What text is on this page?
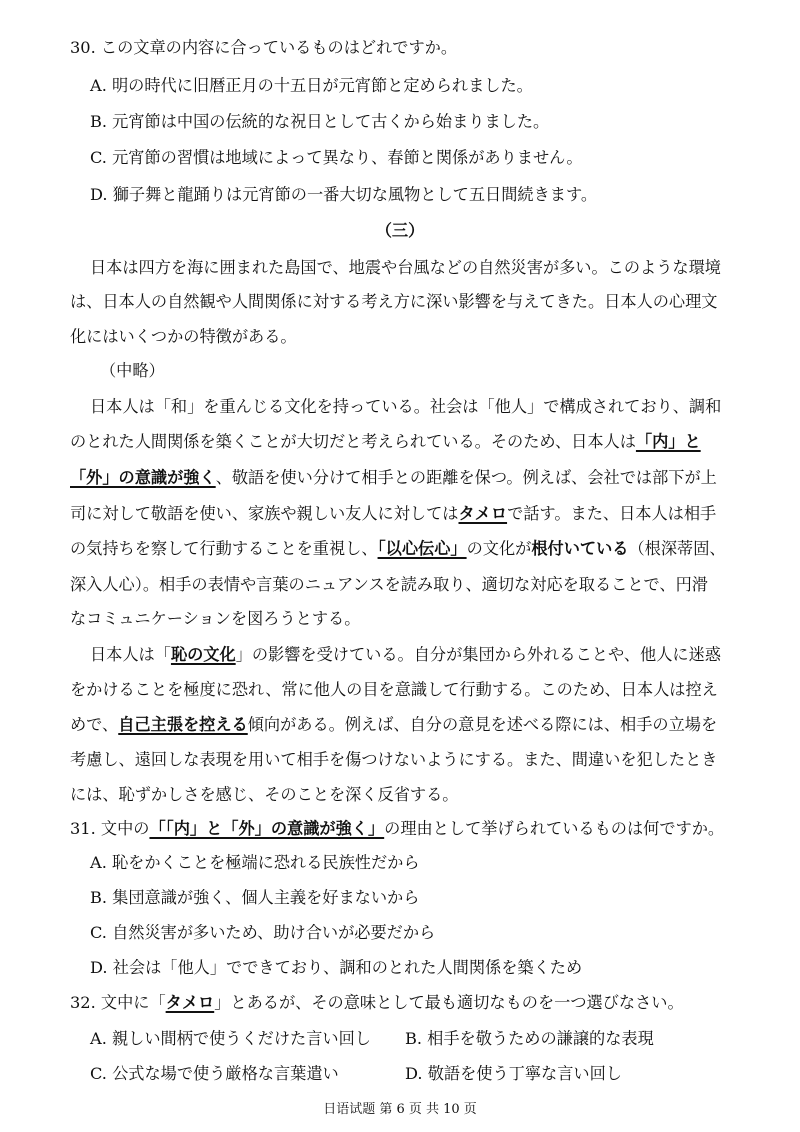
30. この文章の内容に合っているものはどれですか。
A. 明の時代に旧暦正月の十五日が元宵節と定められました。
B. 元宵節は中国の伝統的な祝日として古くから始まりました。
C. 元宵節の習慣は地域によって異なり、春節と関係がありません。
D. 獅子舞と龍踊りは元宵節の一番大切な風物として五日間続きます。
（三）
日本は四方を海に囲まれた島国で、地震や台風などの自然災害が多い。このような環境
は、日本人の自然観や人間関係に対する考え方に深い影響を与えてきた。日本人の心理文
化にはいくつかの特徴がある。
（中略）
日本人は「和」を重んじる文化を持っている。社会は「他人」で構成されており、調和
のとれた人間関係を築くことが大切だと考えられている。そのため、日本人は「内」と
「外」の意識が強く、敬語を使い分けて相手との距離を保つ。例えば、会社では部下が上
司に対して敬語を使い、家族や親しい友人に対してはタメロで話す。また、日本人は相手
の気持ちを察して行動することを重視し、「以心伝心」の文化が根付いている（根深蒂固、
深入人心）。相手の表情や言葉のニュアンスを読み取り、適切な対応を取ることで、円滑
なコミュニケーションを図ろうとする。
日本人は「恥の文化」の影響を受けている。自分が集団から外れることや、他人に迷惑
をかけることを極度に恐れ、常に他人の目を意識して行動する。このため、日本人は控え
めで、自己主張を控える傾向がある。例えば、自分の意見を述べる際には、相手の立場を
考慮し、遠回しな表現を用いて相手を傷つけないようにする。また、間違いを犯したとき
には、恥ずかしさを感じ、そのことを深く反省する。
31. 文中の「「内」と「外」の意識が強く」の理由として挙げられているものは何ですか。
A. 恥をかくことを極端に恐れる民族性だから
B. 集団意識が強く、個人主義を好まないから
C. 自然災害が多いため、助け合いが必要だから
D. 社会は「他人」でできており、調和のとれた人間関係を築くため
32. 文中に「タメロ」とあるが、その意味として最も適切なものを一つ選びなさい。
A. 親しい間柄で使うくだけた言い回し B. 相手を敬うための謙譲的な表現
C. 公式な場で使う厳格な言葉遣い	D. 敬語を使う丁寧な言い回し
日语试题 第 6 页 共 10 页
